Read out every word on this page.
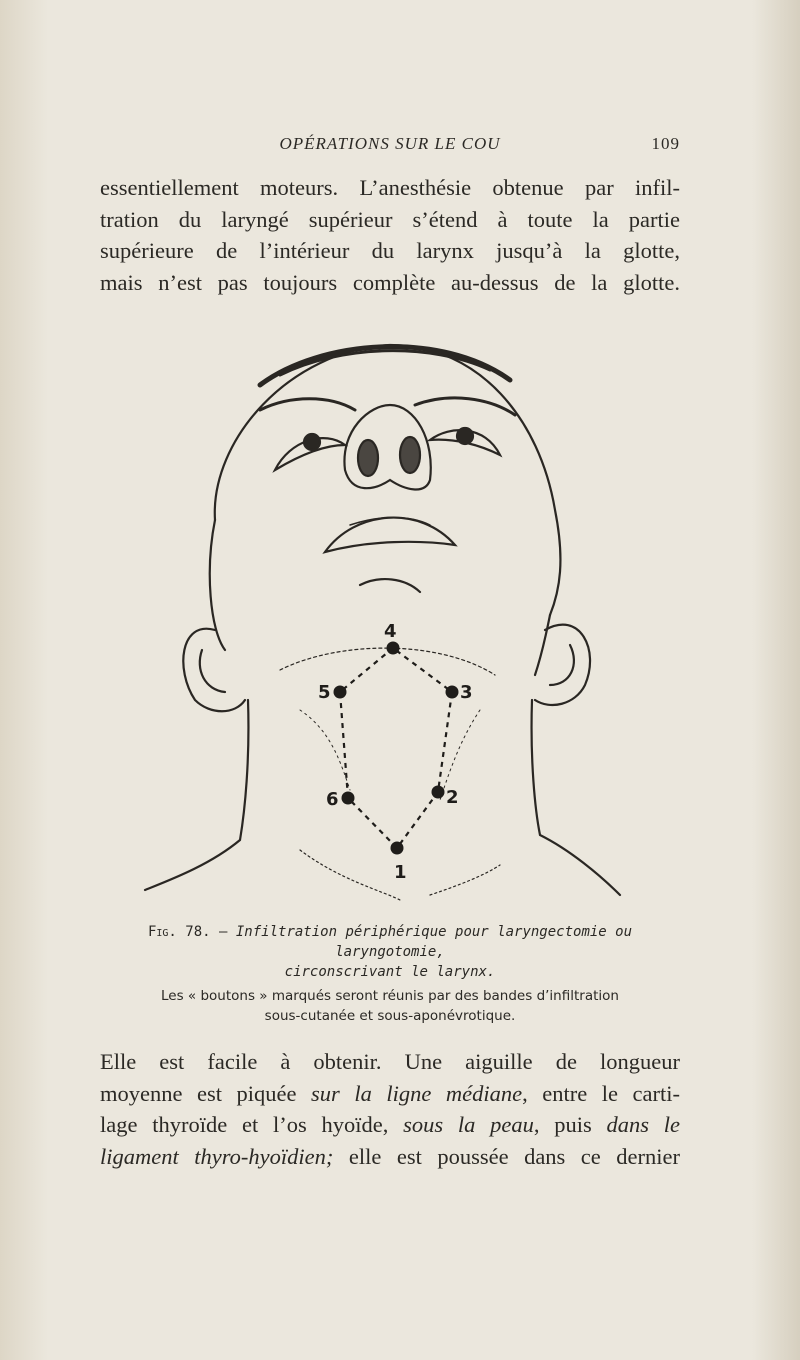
OPÉRATIONS SUR LE COU	109
essentiellement moteurs. L’anesthésie obtenue par infil-
tration du laryngé supérieur s’étend à toute la partie
supérieure de l’intérieur du larynx jusqu’à la glotte,
mais n’est pas toujours complète au-dessus de la glotte.
4
5	3
6	2
1
Fig. 78. — Infiltration périphérique pour laryngectomie ou laryngotomie,
circonscrivant le larynx.
Les « boutons » marqués seront réunis par des bandes d’infiltration
sous-cutanée et sous-aponévrotique.
Elle est facile à obtenir. Une aiguille de longueur
moyenne est piquée sur la ligne médiane, entre le carti-
lage thyroïde et l’os hyoïde, sous la peau, puis dans le
ligament thyro-hyoïdien; elle est poussée dans ce dernier
